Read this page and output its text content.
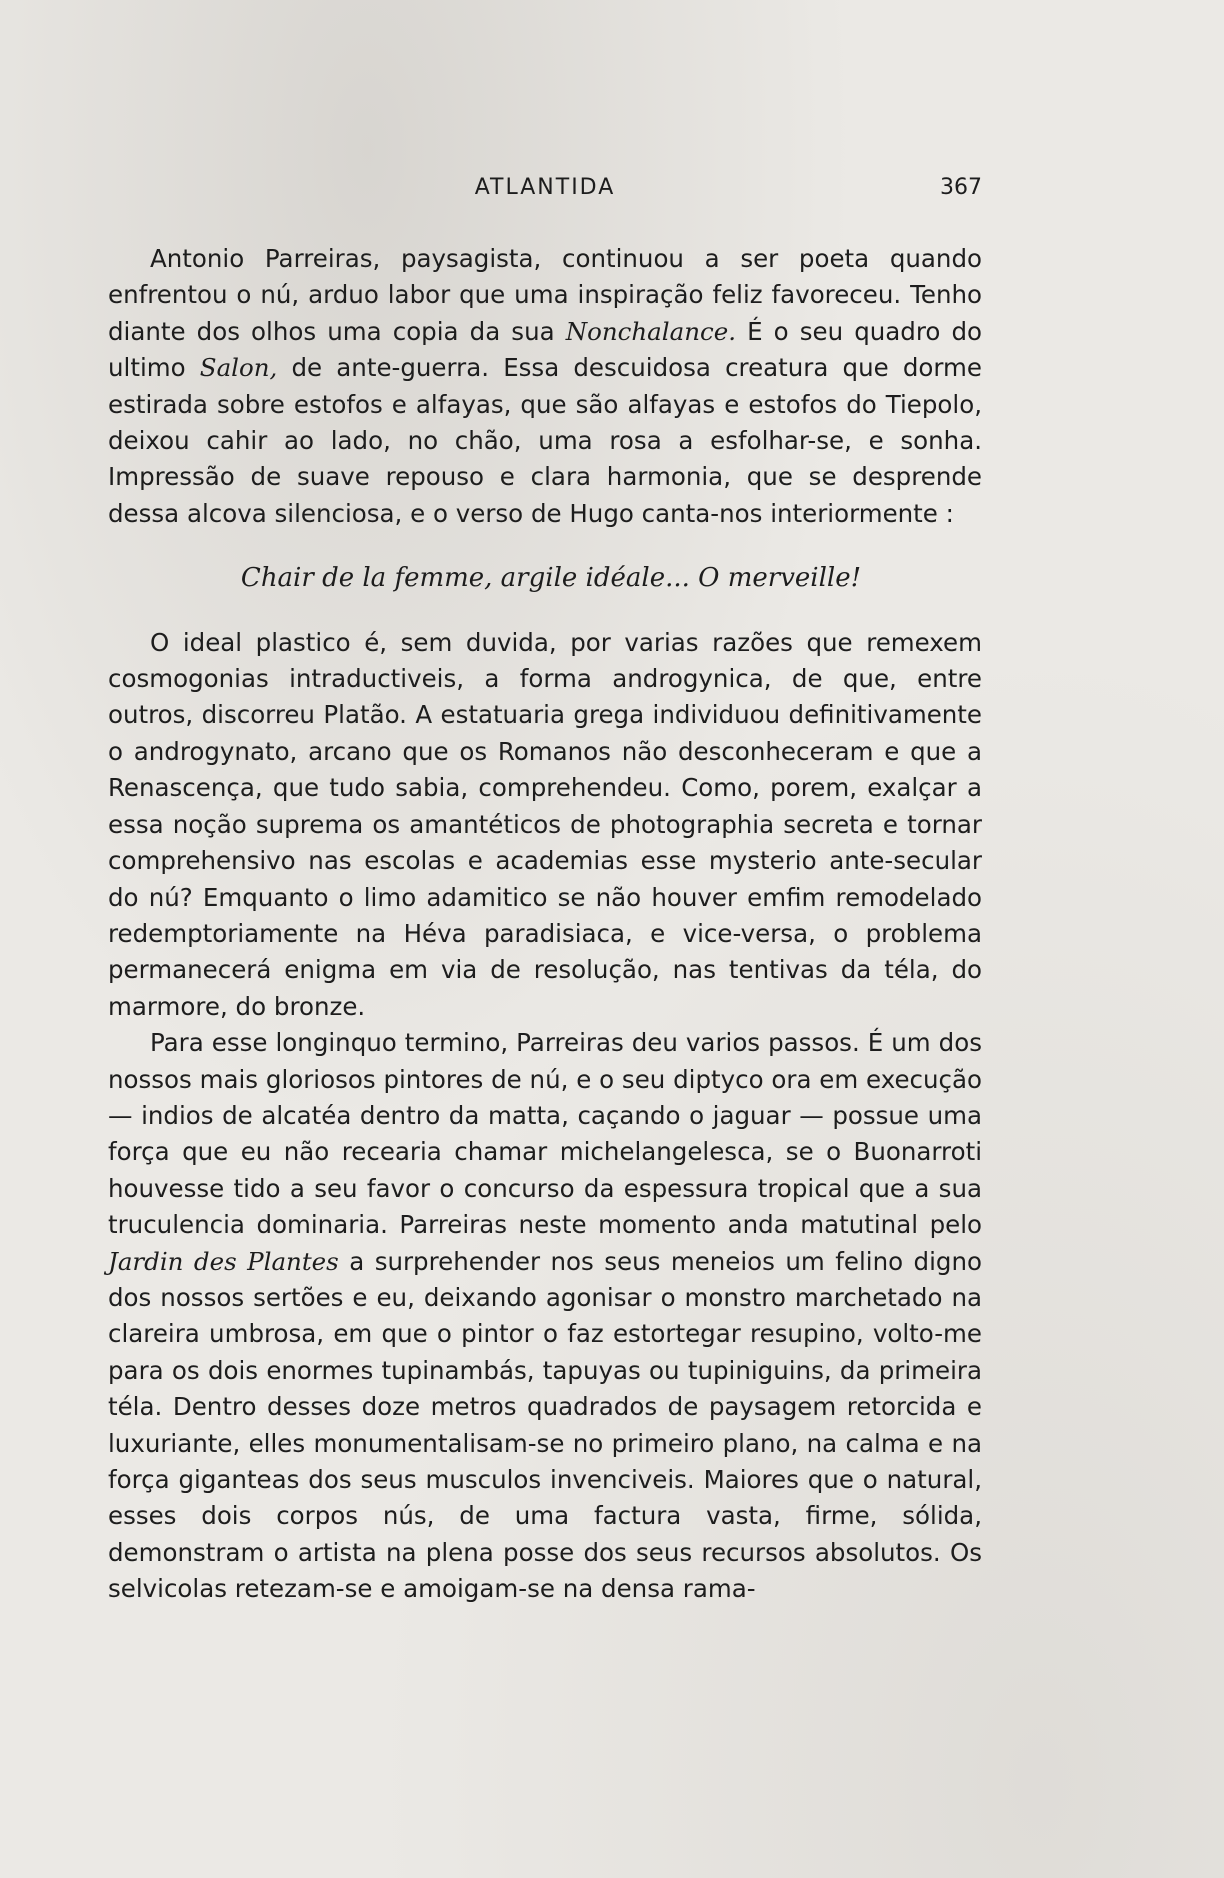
ATLANTIDA	367

Antonio Parreiras, paysagista, continuou a ser poeta quando enfrentou o nú, arduo labor que uma inspiração feliz favoreceu. Tenho diante dos olhos uma copia da sua Nonchalance. É o seu quadro do ultimo Salon, de ante-guerra. Essa descuidosa creatura que dorme estirada sobre estofos e alfayas, que são alfayas e estofos do Tiepolo, deixou cahir ao lado, no chão, uma rosa a esfolhar-se, e sonha. Impressão de suave repouso e clara harmonia, que se desprende dessa alcova silenciosa, e o verso de Hugo canta-nos interiormente :

Chair de la femme, argile idéale... O merveille!

O ideal plastico é, sem duvida, por varias razões que remexem cosmogonias intraductiveis, a forma androgynica, de que, entre outros, discorreu Platão. A estatuaria grega individuou definitivamente o androgynato, arcano que os Romanos não desconheceram e que a Renascença, que tudo sabia, comprehendeu. Como, porem, exalçar a essa noção suprema os amantéticos de photographia secreta e tornar comprehensivo nas escolas e academias esse mysterio ante-secular do nú? Emquanto o limo adamitico se não houver emfim remodelado redemptoriamente na Héva paradisiaca, e vice-versa, o problema permanecerá enigma em via de resolução, nas tentivas da téla, do marmore, do bronze.

Para esse longinquo termino, Parreiras deu varios passos. É um dos nossos mais gloriosos pintores de nú, e o seu diptyco ora em execução — indios de alcatéa dentro da matta, caçando o jaguar — possue uma força que eu não recearia chamar michelangelesca, se o Buonarroti houvesse tido a seu favor o concurso da espessura tropical que a sua truculencia dominaria. Parreiras neste momento anda matutinal pelo Jardin des Plantes a surprehender nos seus meneios um felino digno dos nossos sertões e eu, deixando agonisar o monstro marchetado na clareira umbrosa, em que o pintor o faz estortegar resupino, volto-me para os dois enormes tupinambás, tapuyas ou tupiniguins, da primeira téla. Dentro desses doze metros quadrados de paysagem retorcida e luxuriante, elles monumentalisam-se no primeiro plano, na calma e na força giganteas dos seus musculos invenciveis. Maiores que o natural, esses dois corpos nús, de uma factura vasta, firme, sólida, demonstram o artista na plena posse dos seus recursos absolutos. Os selvicolas retezam-se e amoigam-se na densa rama-
